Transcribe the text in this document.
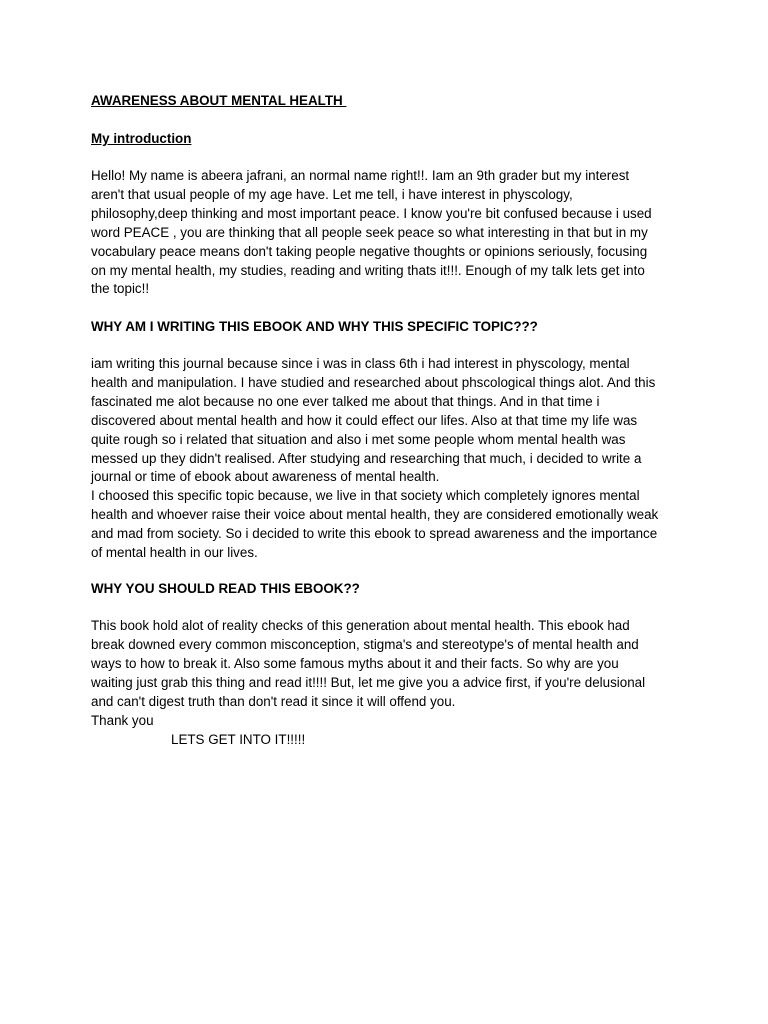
AWARENESS ABOUT MENTAL HEALTH
My introduction
Hello! My name is abeera jafrani, an normal name right!!. Iam an 9th grader but my interest
aren't that usual people of my age have. Let me tell, i have interest in physcology,
philosophy,deep thinking and most important peace. I know you're bit confused because i used
word PEACE , you are thinking that all people seek peace so what interesting in that but in my
vocabulary peace means don't taking people negative thoughts or opinions seriously, focusing
on my mental health, my studies, reading and writing thats it!!!. Enough of my talk lets get into
the topic!!
WHY AM I WRITING THIS EBOOK AND WHY THIS SPECIFIC TOPIC???
iam writing this journal because since i was in class 6th i had interest in physcology, mental
health and manipulation. I have studied and researched about phscological things alot. And this
fascinated me alot because no one ever talked me about that things. And in that time i
discovered about mental health and how it could effect our lifes. Also at that time my life was
quite rough so i related that situation and also i met some people whom mental health was
messed up they didn't realised. After studying and researching that much, i decided to write a
journal or time of ebook about awareness of mental health.
I choosed this specific topic because, we live in that society which completely ignores mental
health and whoever raise their voice about mental health, they are considered emotionally weak
and mad from society. So i decided to write this ebook to spread awareness and the importance
of mental health in our lives.
WHY YOU SHOULD READ THIS EBOOK??
This book hold alot of reality checks of this generation about mental health. This ebook had
break downed every common misconception, stigma's and stereotype's of mental health and
ways to how to break it. Also some famous myths about it and their facts. So why are you
waiting just grab this thing and read it!!!! But, let me give you a advice first, if you're delusional
and can't digest truth than don't read it since it will offend you.
Thank you
LETS GET INTO IT!!!!!
